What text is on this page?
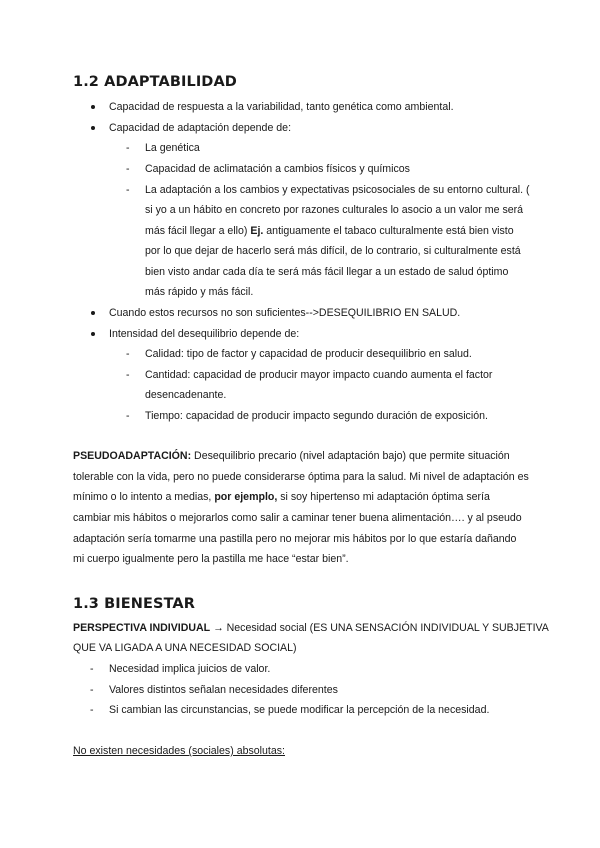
1.2 ADAPTABILIDAD

Capacidad de respuesta a la variabilidad, tanto genética como ambiental.

Capacidad de adaptación depende de:

- La genética

- Capacidad de aclimatación a cambios físicos y químicos

- La adaptación a los cambios y expectativas psicosociales de su entorno cultural. (

si yo a un hábito en concreto por razones culturales lo asocio a un valor me será

más fácil llegar a ello) Ej. antiguamente el tabaco culturalmente está bien visto

por lo que dejar de hacerlo será más difícil, de lo contrario, si culturalmente está

bien visto andar cada día te será más fácil llegar a un estado de salud óptimo

más rápido y más fácil.

Cuando estos recursos no son suficientes-->DESEQUILIBRIO EN SALUD.

Intensidad del desequilibrio depende de:

- Calidad: tipo de factor y capacidad de producir desequilibrio en salud.

- Cantidad: capacidad de producir mayor impacto cuando aumenta el factor

desencadenante.

- Tiempo: capacidad de producir impacto segundo duración de exposición.

PSEUDOADAPTACIÓN: Desequilibrio precario (nivel adaptación bajo) que permite situación

tolerable con la vida, pero no puede considerarse óptima para la salud. Mi nivel de adaptación es

mínimo o lo intento a medias, por ejemplo, si soy hipertenso mi adaptación óptima sería

cambiar mis hábitos o mejorarlos como salir a caminar tener buena alimentación…. y al pseudo

adaptación sería tomarme una pastilla pero no mejorar mis hábitos por lo que estaría dañando

mi cuerpo igualmente pero la pastilla me hace “estar bien”.

1.3 BIENESTAR

PERSPECTIVA INDIVIDUAL → Necesidad social (ES UNA SENSACIÓN INDIVIDUAL Y SUBJETIVA

QUE VA LIGADA A UNA NECESIDAD SOCIAL)

- Necesidad implica juicios de valor.

- Valores distintos señalan necesidades diferentes

- Si cambian las circunstancias, se puede modificar la percepción de la necesidad.

No existen necesidades (sociales) absolutas:
